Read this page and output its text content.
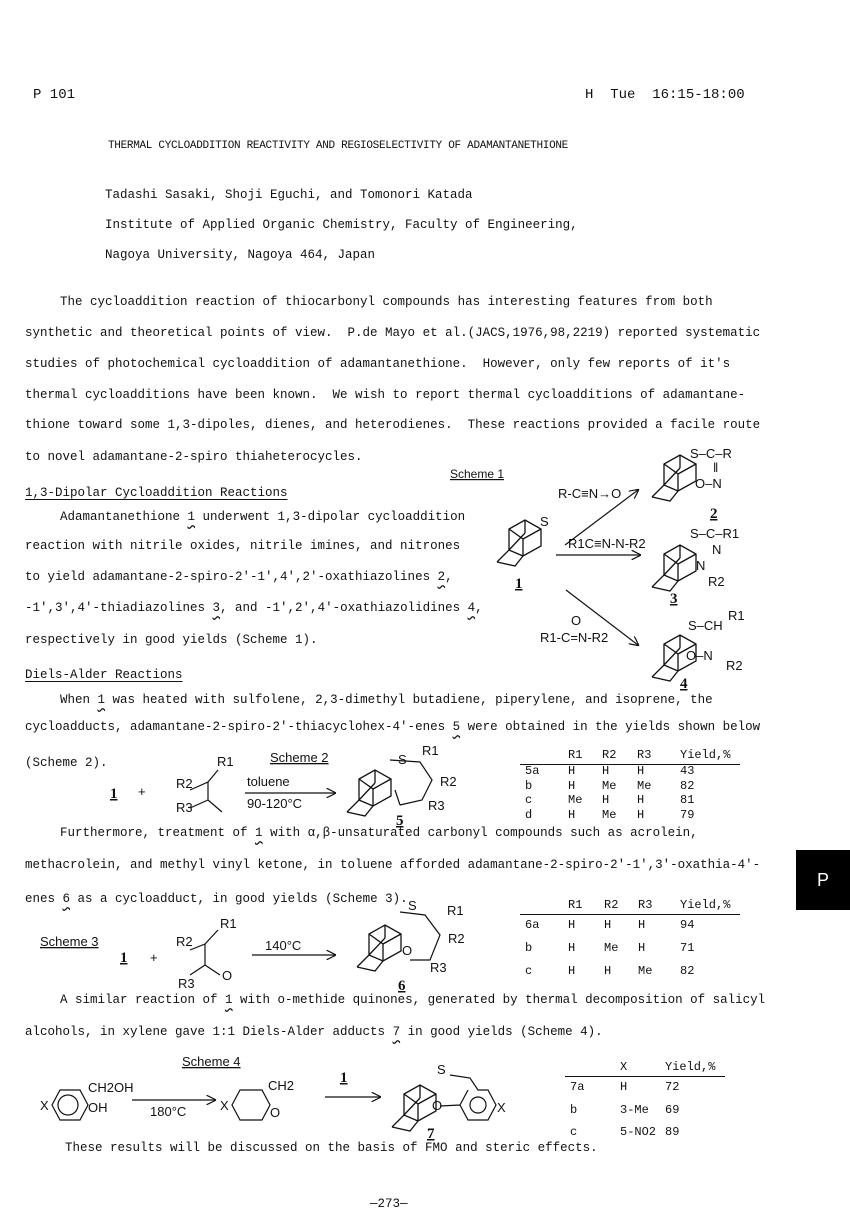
P 101	H  Tue  16:15-18:00
THERMAL CYCLOADDITION REACTIVITY AND REGIOSELECTIVITY OF ADAMANTANETHIONE
Tadashi Sasaki, Shoji Eguchi, and Tomonori Katada
Institute of Applied Organic Chemistry, Faculty of Engineering,
Nagoya University, Nagoya 464, Japan
The cycloaddition reaction of thiocarbonyl compounds has interesting features from both
synthetic and theoretical points of view.  P.de Mayo et al.(JACS,1976,98,2219) reported systematic
studies of photochemical cycloaddition of adamantanethione.  However, only few reports of it's
thermal cycloadditions have been known.  We wish to report thermal cycloadditions of adamantane-
thione toward some 1,3-dipoles, dienes, and heterodienes.  These reactions provided a facile route
to novel adamantane-2-spiro thiaheterocycles.
Adamantanethione 1 underwent 1,3-dipolar cycloaddition
reaction with nitrile oxides, nitrile imines, and nitrones
to yield adamantane-2-spiro-2'-1',4',2'-oxathiazolines 2,
-1',3',4'-thiadiazolines 3, and -1',2',4'-oxathiazolidines 4,
respectively in good yields (Scheme 1).
When 1 was heated with sulfolene, 2,3-dimethyl butadiene, piperylene, and isoprene, the
cycloadducts, adamantane-2-spiro-2'-thiacyclohex-4'-enes 5 were obtained in the yields shown below
(Scheme 2).
Furthermore, treatment of 1 with α,β-unsaturated carbonyl compounds such as acrolein,
methacrolein, and methyl vinyl ketone, in toluene afforded adamantane-2-spiro-2'-1',3'-oxathia-4'-
enes 6 as a cycloadduct, in good yields (Scheme 3).
A similar reaction of 1 with o-methide quinones, generated by thermal decomposition of salicyl
alcohols, in xylene gave 1:1 Diels-Alder adducts 7 in good yields (Scheme 4).
These results will be discussed on the basis of FMO and steric effects.
1,3-Dipolar Cycloaddition Reactions
Diels-Alder Reactions
Scheme 1
S
1
R-C≡N→O
R1C≡N-N-R2
O
R1-C=N-R2
S–C–R
‖
O–N
2
S–C–R1
N
N
R2
3
S–CH
R1
O–N
R2
4
Scheme 2
1 +
R1
R2
R3
toluene
90-120°C
S
R1
R2
R3
5
Scheme 3
1 +
R1
R2
R3
O
140°C
S R1
O
R2
R3
6
Scheme 4
X
CH2OH
OH	180°C	X
CH2
O
1
S
O	X
7
R1 R2 R3 Yield,%
5a H H H	43
b	H Me Me 82
c	Me H H	81
d	H Me H	79
R1 R2 R3 Yield,%
6a H H H	94
b	H Me H	71
c	H H Me 82
X	Yield,%
7a	H	72
b	3-Me 69
c	5-NO2 89
—273—
P
